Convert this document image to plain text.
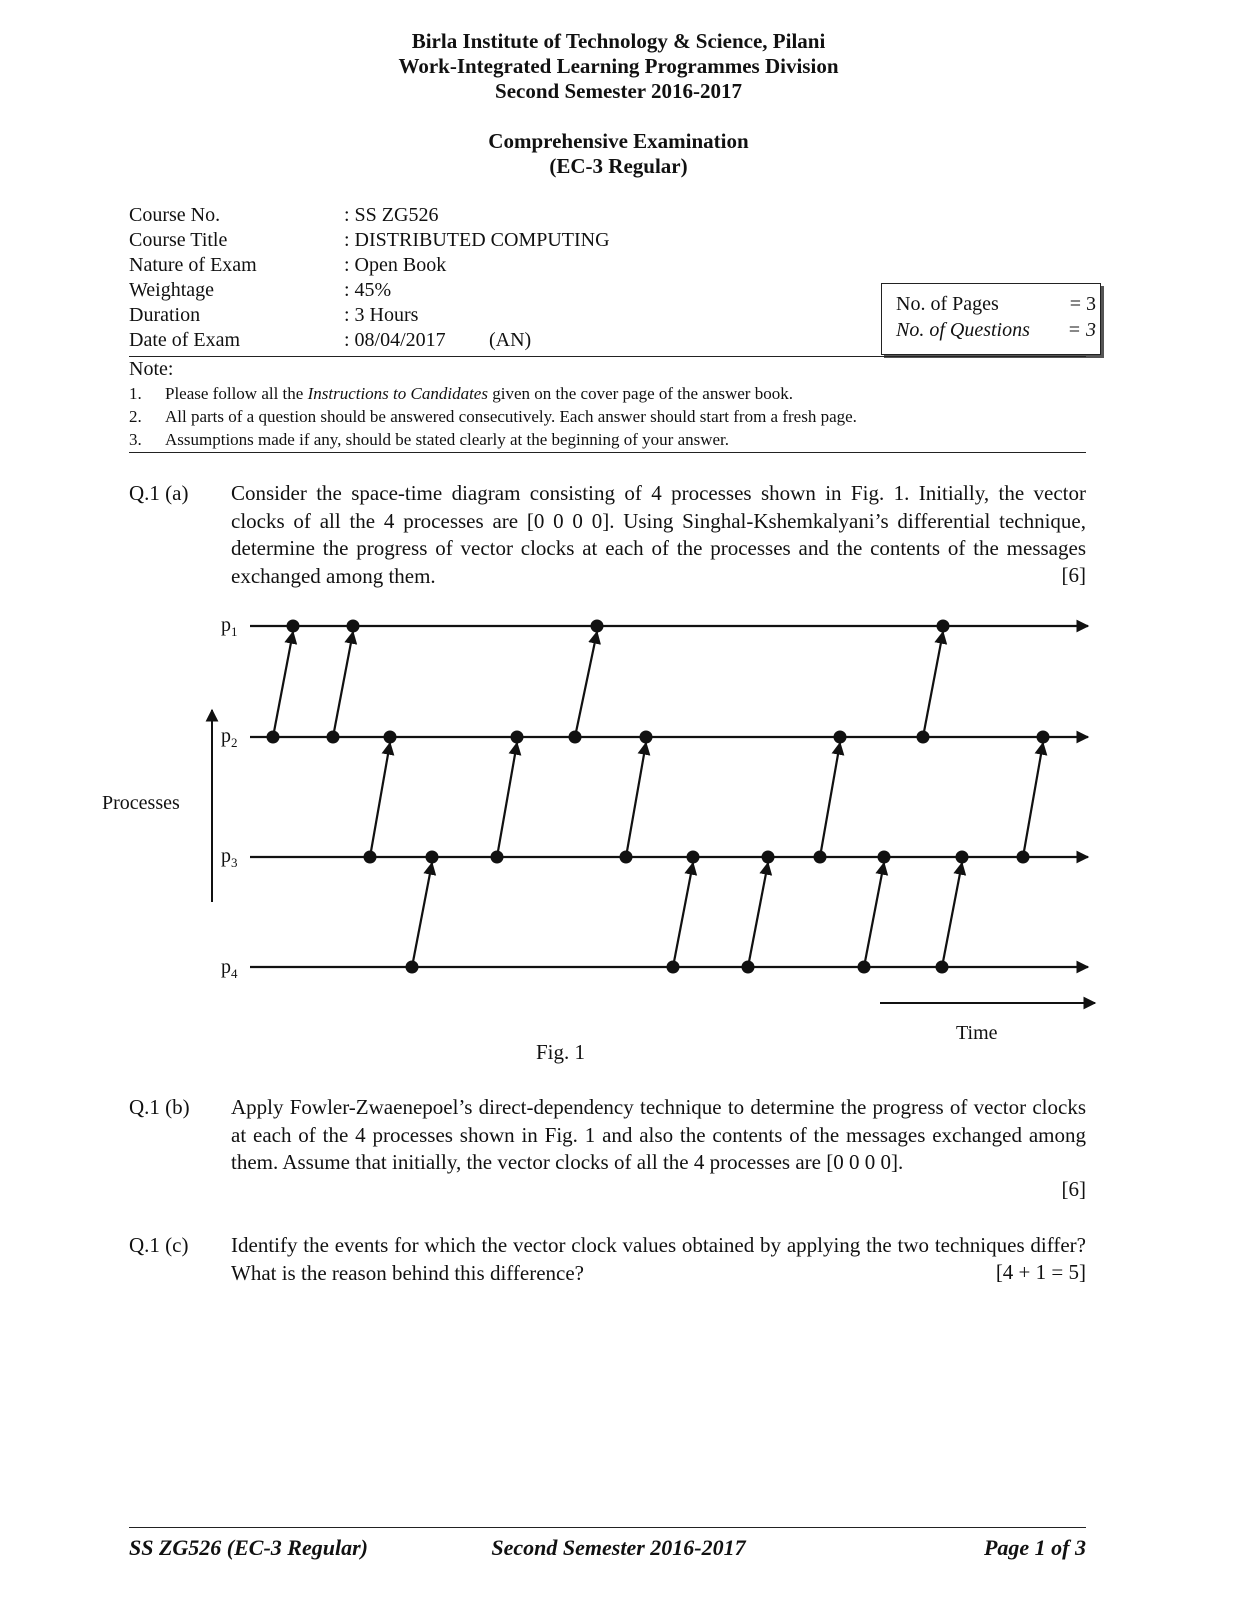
Birla Institute of Technology & Science, Pilani
Work-Integrated Learning Programmes Division
Second Semester 2016-2017
Comprehensive Examination
(EC-3 Regular)
Course No.	: SS ZG526
Course Title	: DISTRIBUTED COMPUTING
Nature of Exam	: Open Book
Weightage	: 45%
Duration	: 3 Hours
Date of Exam	: 08/04/2017 (AN)
No. of Pages	= 3
No. of Questions = 3
Note:
1. Please follow all the Instructions to Candidates given on the cover page of the answer book.
2. All parts of a question should be answered consecutively. Each answer should start from a fresh page.
3. Assumptions made if any, should be stated clearly at the beginning of your answer.
Q.1 (a) Consider the space-time diagram consisting of 4 processes shown in Fig. 1. Initially, the vector clocks of all the 4 processes are [0 0 0 0]. Using Singhal-Kshemkalyani’s differential technique, determine the progress of vector clocks at each of the processes and the contents of the messages exchanged among them.	[6]
$p_1$
$p_2$
$p_3$
$p_4$
Processes
Time
Fig. 1
Q.1 (b) Apply Fowler-Zwaenepoel’s direct-dependency technique to determine the progress of vector clocks at each of the 4 processes shown in Fig. 1 and also the contents of the messages exchanged among them. Assume that initially, the vector clocks of all the 4 processes are [0 0 0 0].
[6]
Q.1 (c) Identify the events for which the vector clock values obtained by applying the two techniques differ? What is the reason behind this difference?	[4 + 1 = 5]
SS ZG526 (EC-3 Regular)	Second Semester 2016-2017	Page 1 of 3
